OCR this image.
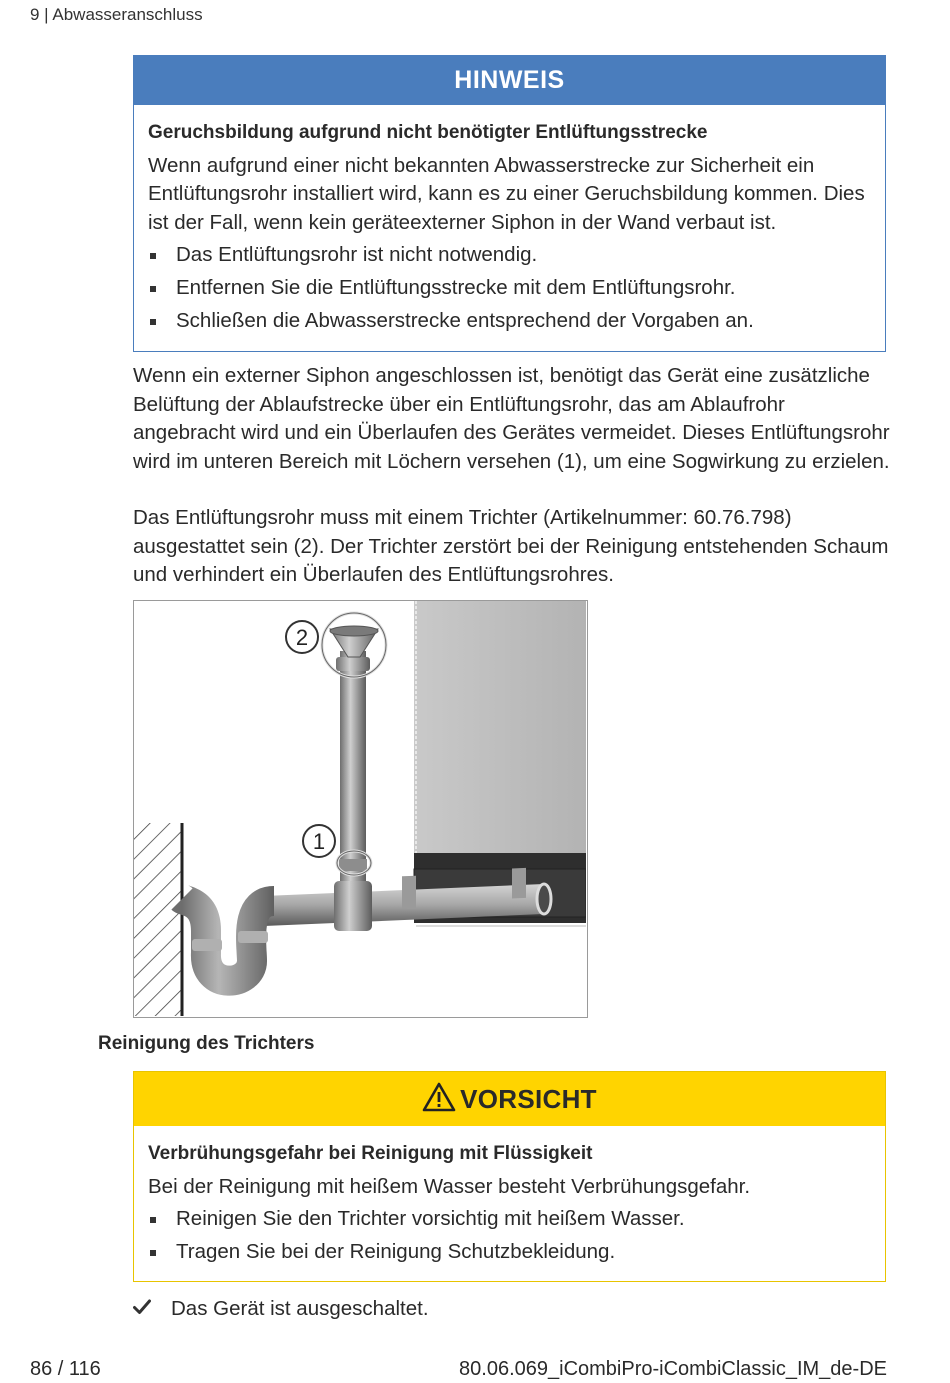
9 | Abwasseranschluss
HINWEIS
Geruchsbildung aufgrund nicht benötigter Entlüftungsstrecke

Wenn aufgrund einer nicht bekannten Abwasserstrecke zur Sicherheit ein Entlüftungsrohr installiert wird, kann es zu einer Geruchsbildung kommen. Dies ist der Fall, wenn kein geräteexterner Siphon in der Wand verbaut ist.

Das Entlüftungsrohr ist nicht notwendig.
Entfernen Sie die Entlüftungsstrecke mit dem Entlüftungsrohr.
Schließen die Abwasserstrecke entsprechend der Vorgaben an.

Wenn ein externer Siphon angeschlossen ist, benötigt das Gerät eine zusätzliche Belüftung der Ablaufstrecke über ein Entlüftungsrohr, das am Ablaufrohr angebracht wird und ein Überlaufen des Gerätes vermeidet. Dieses Entlüftungsrohr wird im unteren Bereich mit Löchern versehen (1), um eine Sogwirkung zu erzielen.

Das Entlüftungsrohr muss mit einem Trichter (Artikelnummer: 60.76.798) ausgestattet sein (2). Der Trichter zerstört bei der Reinigung entstehenden Schaum und verhindert ein Überlaufen des Entlüftungsrohres.

2
1
Reinigung des Trichters
VORSICHT
Verbrühungsgefahr bei Reinigung mit Flüssigkeit

Bei der Reinigung mit heißem Wasser besteht Verbrühungsgefahr.

Reinigen Sie den Trichter vorsichtig mit heißem Wasser.
Tragen Sie bei der Reinigung Schutzbekleidung.
Das Gerät ist ausgeschaltet.
86 / 116	80.06.069_iCombiPro-iCombiClassic_IM_de-DE
